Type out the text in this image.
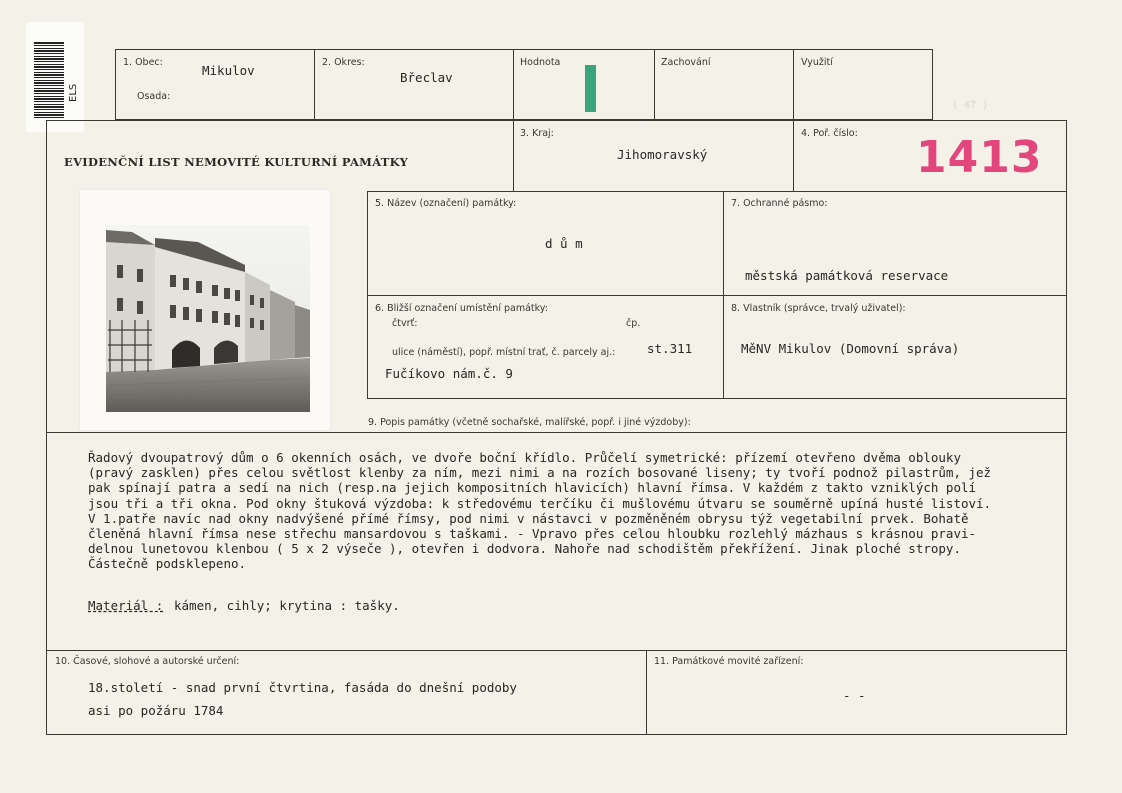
ELS
1. Obec:
Mikulov
Osada:
2. Okres:
Břeclav
Hodnota	Zachování	Využití
( 47 )
EVIDENČNÍ LIST NEMOVITÉ KULTURNÍ PAMÁTKY
3. Kraj:
Jihomoravský
4. Poř. číslo: 1413
5. Název (označení) památky:
d ů m
7. Ochranné pásmo:
městská památková reservace
6. Bližší označení umístění památky:
čtvrť:	čp.
ulice (náměstí), popř. místní trať, č. parcely aj.:	st.311
Fučíkovo nám.č. 9
8. Vlastník (správce, trvalý uživatel):
MěNV Mikulov (Domovní správa)
9. Popis památky (včetně sochařské, malířské, popř. i jiné výzdoby):
Řadový dvoupatrový dům o 6 okenních osách, ve dvoře boční křídlo. Průčelí symetrické: přízemí otevřeno dvěma oblouky
(pravý zasklen) přes celou světlost klenby za ním, mezi nimi a na rozích bosované liseny; ty tvoří podnož pilastrům, jež
pak spínají patra a sedí na nich (resp.na jejich kompositních hlavicích) hlavní římsa. V každém z takto vzniklých polí
jsou tři a tři okna. Pod okny štuková výzdoba: k středovému terčíku či mušlovému útvaru se souměrně upíná husté listoví.
V 1.patře navíc nad okny nadvýšené přímé římsy, pod nimi v nástavci v pozměněném obrysu týž vegetabilní prvek. Bohatě
členěná hlavní římsa nese střechu mansardovou s taškami. - Vpravo přes celou hloubku rozlehlý mázhaus s krásnou pravi-
delnou lunetovou klenbou ( 5 x 2 výseče ), otevřen i dodvora. Nahoře nad schodištěm překřížení. Jinak ploché stropy.
Částečně podsklepeno.
Materiál : kámen, cihly; krytina : tašky.
10. Časové, slohové a autorské určení:
18.století - snad první čtvrtina, fasáda do dnešní podoby
asi po požáru 1784
11. Památkové movité zařízení:
- -
